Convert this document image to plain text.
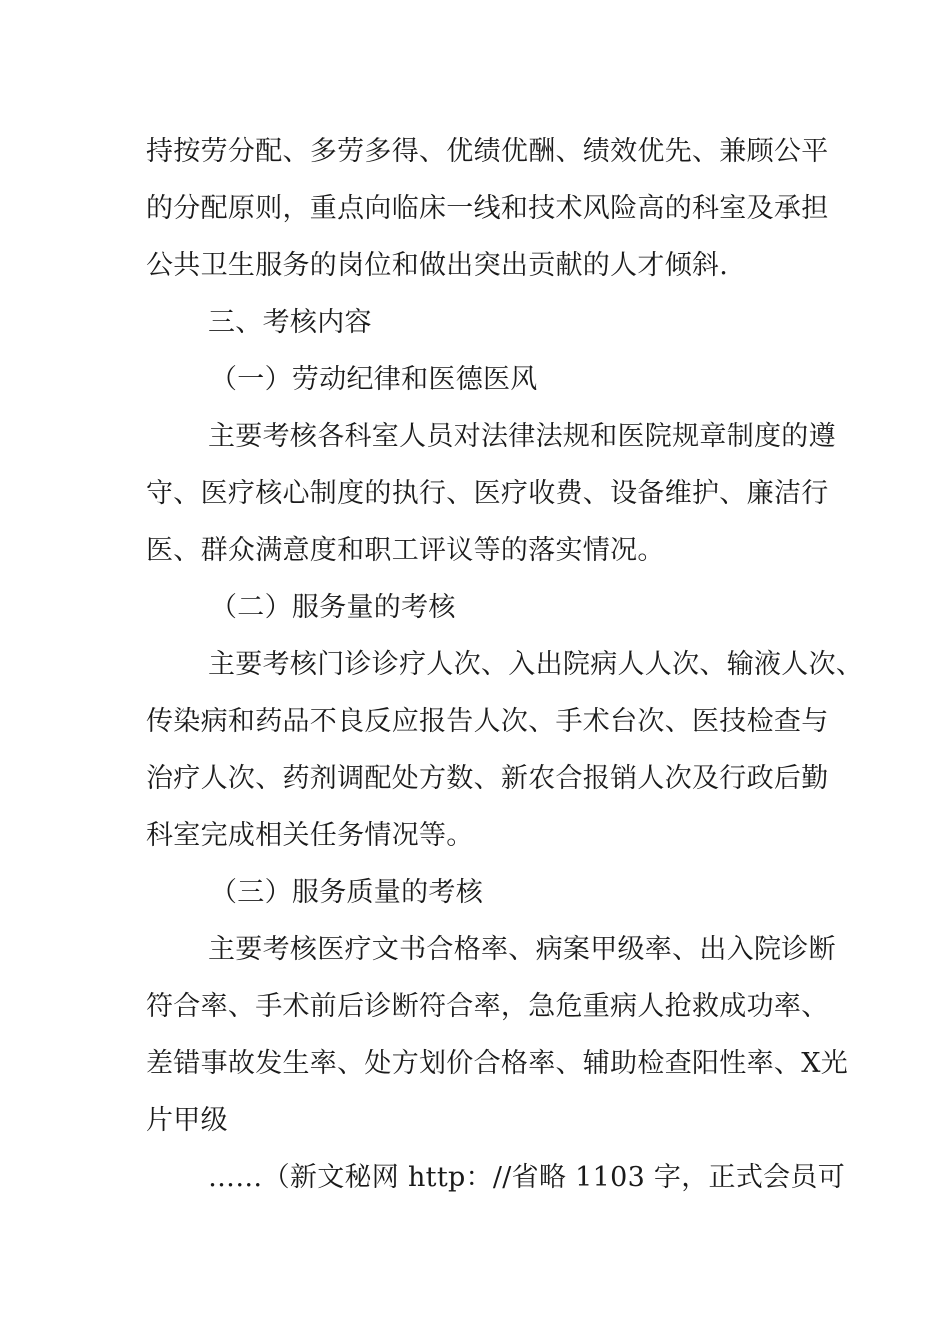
持按劳分配、多劳多得、优绩优酬、绩效优先、兼顾公平
的分配原则，重点向临床一线和技术风险高的科室及承担
公共卫生服务的岗位和做出突出贡献的人才倾斜.
三、考核内容
（一）劳动纪律和医德医风
主要考核各科室人员对法律法规和医院规章制度的遵
守、医疗核心制度的执行、医疗收费、设备维护、廉洁行
医、群众满意度和职工评议等的落实情况。
（二）服务量的考核
主要考核门诊诊疗人次、入出院病人人次、输液人次、
传染病和药品不良反应报告人次、手术台次、医技检查与
治疗人次、药剂调配处方数、新农合报销人次及行政后勤
科室完成相关任务情况等。
（三）服务质量的考核
主要考核医疗文书合格率、病案甲级率、出入院诊断
符合率、手术前后诊断符合率，急危重病人抢救成功率、
差错事故发生率、处方划价合格率、辅助检查阳性率、X光
片甲级
……（新文秘网 http：//省略 1103 字，正式会员可
